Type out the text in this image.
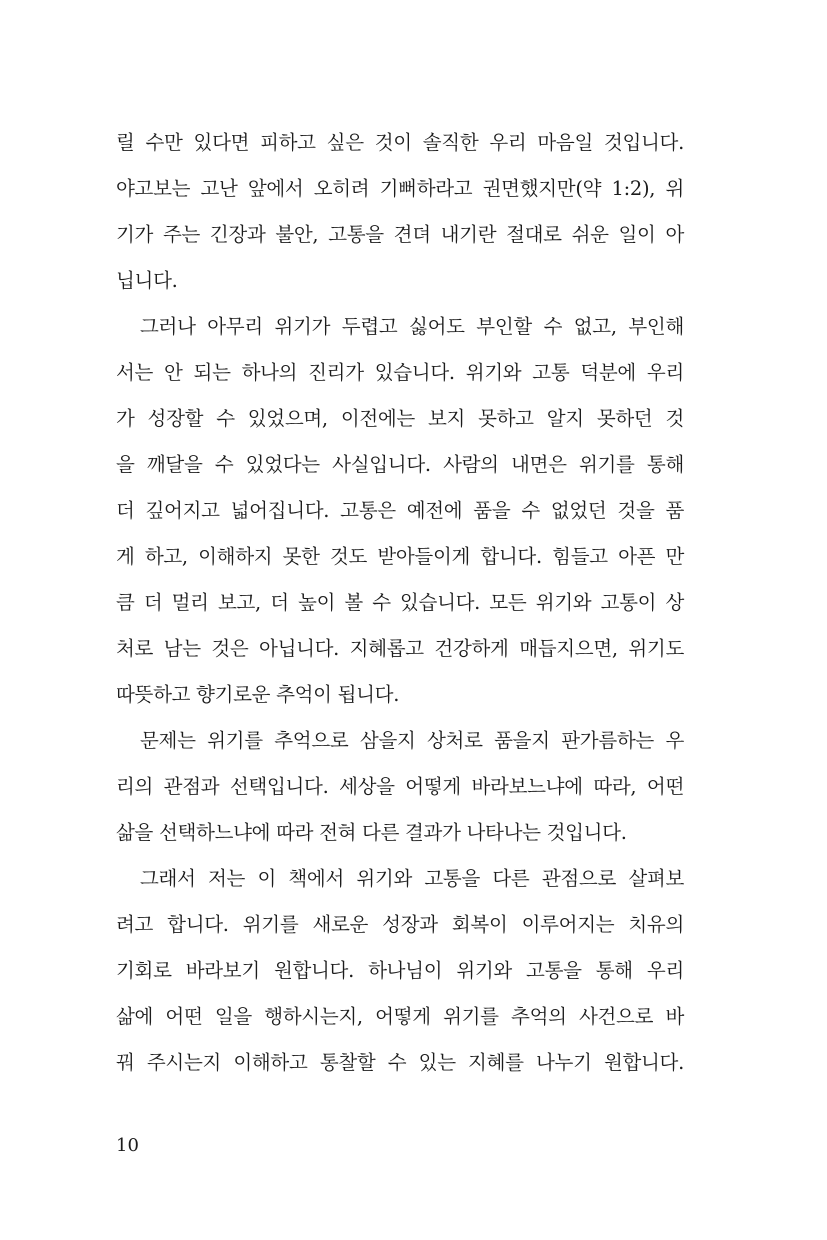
릴 수만 있다면 피하고 싶은 것이 솔직한 우리 마음일 것입니다.
야고보는 고난 앞에서 오히려 기뻐하라고 권면했지만(약 1:2), 위
기가 주는 긴장과 불안, 고통을 견뎌 내기란 절대로 쉬운 일이 아
닙니다.
그러나 아무리 위기가 두렵고 싫어도 부인할 수 없고, 부인해
서는 안 되는 하나의 진리가 있습니다. 위기와 고통 덕분에 우리
가 성장할 수 있었으며, 이전에는 보지 못하고 알지 못하던 것
을 깨달을 수 있었다는 사실입니다. 사람의 내면은 위기를 통해
더 깊어지고 넓어집니다. 고통은 예전에 품을 수 없었던 것을 품
게 하고, 이해하지 못한 것도 받아들이게 합니다. 힘들고 아픈 만
큼 더 멀리 보고, 더 높이 볼 수 있습니다. 모든 위기와 고통이 상
처로 남는 것은 아닙니다. 지혜롭고 건강하게 매듭지으면, 위기도
따뜻하고 향기로운 추억이 됩니다.
문제는 위기를 추억으로 삼을지 상처로 품을지 판가름하는 우
리의 관점과 선택입니다. 세상을 어떻게 바라보느냐에 따라, 어떤
삶을 선택하느냐에 따라 전혀 다른 결과가 나타나는 것입니다.
그래서 저는 이 책에서 위기와 고통을 다른 관점으로 살펴보
려고 합니다. 위기를 새로운 성장과 회복이 이루어지는 치유의
기회로 바라보기 원합니다. 하나님이 위기와 고통을 통해 우리
삶에 어떤 일을 행하시는지, 어떻게 위기를 추억의 사건으로 바
꿔 주시는지 이해하고 통찰할 수 있는 지혜를 나누기 원합니다.
10
